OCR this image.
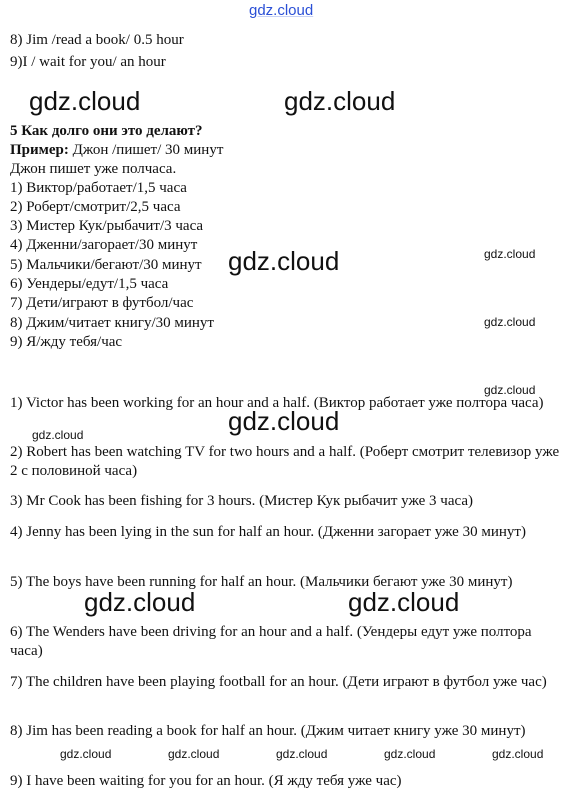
gdz.cloud
gdz.cloud	gdz.cloud
gdz.cloud	gdz.cloud
gdz.cloud
gdz.cloud
gdz.cloud
gdz.cloud
gdz.cloud	gdz.cloud
gdz.cloud	gdz.cloud	gdz.cloud	gdz.cloud	gdz.cloud
8) Jim /read a book/ 0.5 hour
9)I / wait for you/ an hour
5 Как долго они это делают?
Пример: Джон /пишет/ 30 минут
Джон пишет уже полчаса.
1) Виктор/работает/1,5 часа
2) Роберт/смотрит/2,5 часа
3) Мистер Кук/рыбачит/3 часа
4) Дженни/загорает/30 минут
5) Мальчики/бегают/30 минут
6) Уендеры/едут/1,5 часа
7) Дети/играют в футбол/час
8) Джим/читает книгу/30 минут
9) Я/жду тебя/час
1) Victor has been working for an hour and a half. (Виктор работает уже полтора часа)
2) Robert has been watching TV for two hours and a half. (Роберт смотрит телевизор уже 2 с половиной часа)
3) Mr Cook has been fishing for 3 hours. (Мистер Кук рыбачит уже 3 часа)
4) Jenny has been lying in the sun for half an hour. (Дженни загорает уже 30 минут)
5) The boys have been running for half an hour. (Мальчики бегают уже 30 минут)
6) The Wenders have been driving for an hour and a half. (Уендеры едут уже полтора часа)
7) The children have been playing football for an hour. (Дети играют в футбол уже час)
8) Jim has been reading a book for half an hour. (Джим читает книгу уже 30 минут)
9) I have been waiting for you for an hour. (Я жду тебя уже час)
